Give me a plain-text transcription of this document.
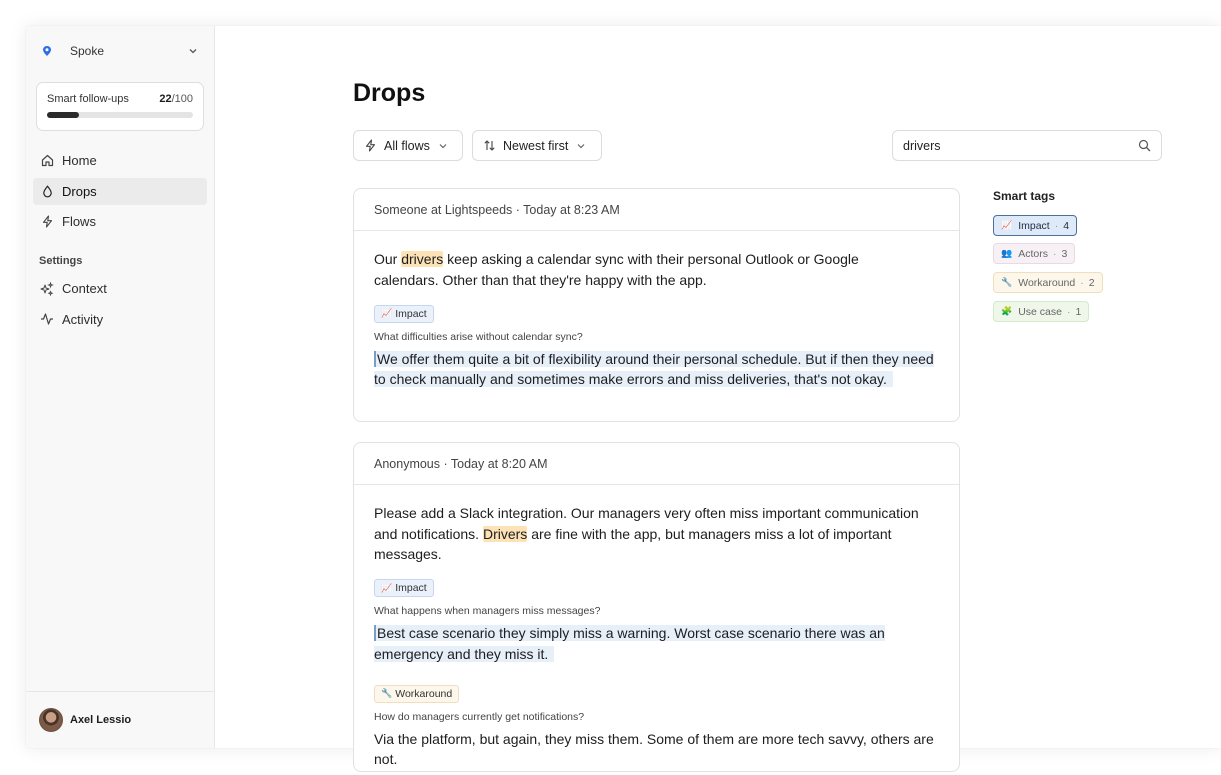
Spoke
Smart follow-ups	22/100
Home
Drops
Flows
Settings
Context
Activity
Axel Lessio
Drops
All flows	Newest first
drivers
Someone at Lightspeeds · Today at 8:23 AM

Our drivers keep asking a calendar sync with their personal Outlook or Google calendars. Other than that they're happy with the app.

📈 Impact
What difficulties arise without calendar sync?

We offer them quite a bit of flexibility around their personal schedule. But if then they need to check manually and sometimes make errors and miss deliveries, that's not okay.

Anonymous · Today at 8:20 AM

Please add a Slack integration. Our managers very often miss important communication and notifications. Drivers are fine with the app, but managers miss a lot of important messages.

📈 Impact
What happens when managers miss messages?

Best case scenario they simply miss a warning. Worst case scenario there was an emergency and they miss it.

🔧 Workaround
How do managers currently get notifications?

Via the platform, but again, they miss them. Some of them are more tech savvy, others are not.

Smart tags
📈 Impact · 4
👥 Actors · 3
🔧 Workaround · 2
🧩 Use case · 1
